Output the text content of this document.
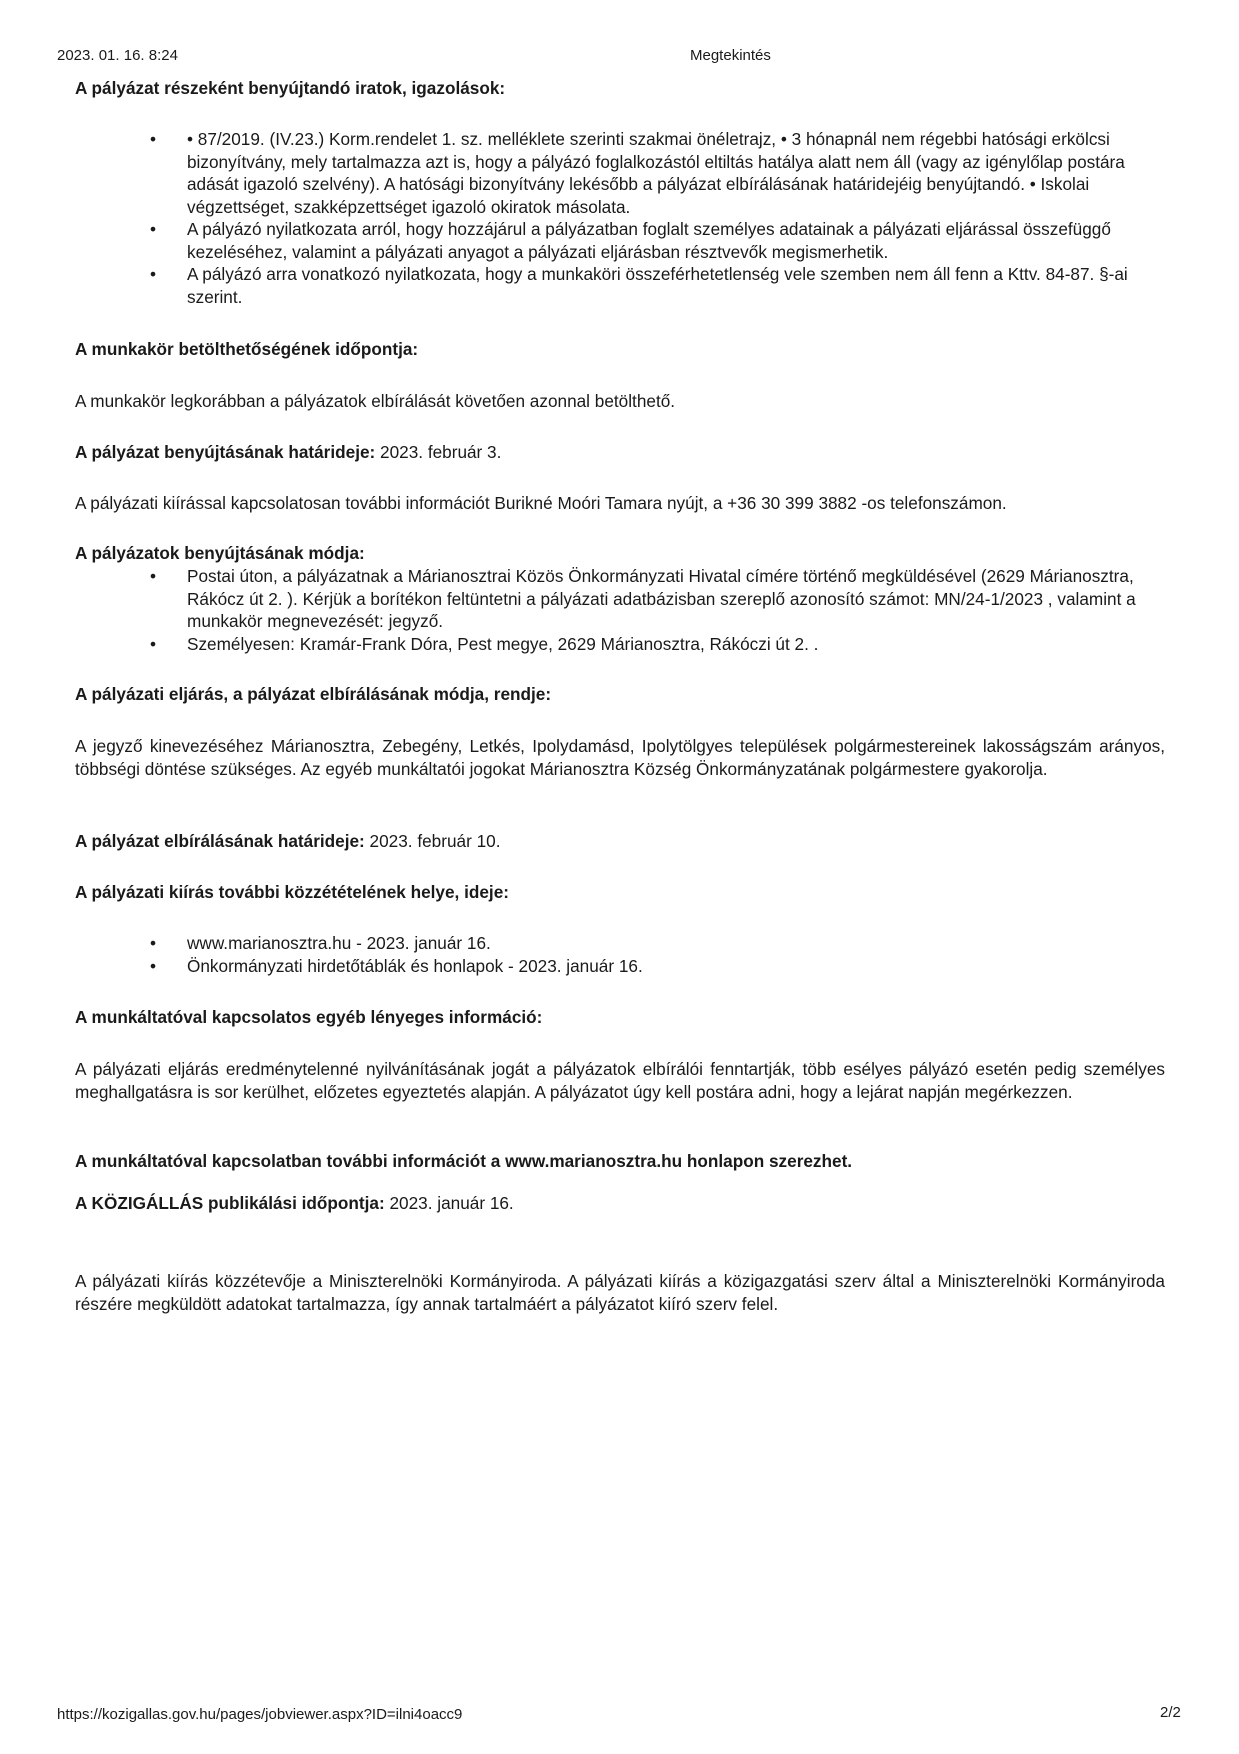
2023. 01. 16. 8:24	Megtekintés
A pályázat részeként benyújtandó iratok, igazolások:
•	• 87/2019. (IV.23.) Korm.rendelet 1. sz. melléklete szerinti szakmai önéletrajz, • 3 hónapnál nem régebbi hatósági erkölcsi bizonyítvány, mely tartalmazza azt is, hogy a pályázó foglalkozástól eltiltás hatálya alatt nem áll (vagy az igénylőlap postára adását igazoló szelvény). A hatósági bizonyítvány lekésőbb a pályázat elbírálásának határidejéig benyújtandó. • Iskolai végzettséget, szakképzettséget igazoló okiratok másolata.
•	A pályázó nyilatkozata arról, hogy hozzájárul a pályázatban foglalt személyes adatainak a pályázati eljárással összefüggő kezeléséhez, valamint a pályázati anyagot a pályázati eljárásban résztvevők megismerhetik.
•	A pályázó arra vonatkozó nyilatkozata, hogy a munkaköri összeférhetetlenség vele szemben nem áll fenn a Kttv. 84-87. §-ai szerint.
A munkakör betölthetőségének időpontja:
A munkakör legkorábban a pályázatok elbírálását követően azonnal betölthető.
A pályázat benyújtásának határideje: 2023. február 3.
A pályázati kiírással kapcsolatosan további információt Burikné Moóri Tamara nyújt, a +36 30 399 3882 -os telefonszámon.
A pályázatok benyújtásának módja:
•	Postai úton, a pályázatnak a Márianosztrai Közös Önkormányzati Hivatal címére történő megküldésével (2629 Márianosztra, Rákócz út 2. ). Kérjük a borítékon feltüntetni a pályázati adatbázisban szereplő azonosító számot: MN/24-1/2023 , valamint a munkakör megnevezését: jegyző.
•	Személyesen: Kramár-Frank Dóra, Pest megye, 2629 Márianosztra, Rákóczi út 2. .
A pályázati eljárás, a pályázat elbírálásának módja, rendje:
A jegyző kinevezéséhez Márianosztra, Zebegény, Letkés, Ipolydamásd, Ipolytölgyes települések polgármestereinek lakosságszám arányos, többségi döntése szükséges. Az egyéb munkáltatói jogokat Márianosztra Község Önkormányzatának polgármestere gyakorolja.
A pályázat elbírálásának határideje: 2023. február 10.
A pályázati kiírás további közzétételének helye, ideje:
•	www.marianosztra.hu - 2023. január 16.
•	Önkormányzati hirdetőtáblák és honlapok - 2023. január 16.
A munkáltatóval kapcsolatos egyéb lényeges információ:
A pályázati eljárás eredménytelenné nyilvánításának jogát a pályázatok elbírálói fenntartják, több esélyes pályázó esetén pedig személyes meghallgatásra is sor kerülhet, előzetes egyeztetés alapján. A pályázatot úgy kell postára adni, hogy a lejárat napján megérkezzen.
A munkáltatóval kapcsolatban további információt a www.marianosztra.hu honlapon szerezhet.
A KÖZIGÁLLÁS publikálási időpontja: 2023. január 16.
A pályázati kiírás közzétevője a Miniszterelnöki Kormányiroda. A pályázati kiírás a közigazgatási szerv által a Miniszterelnöki Kormányiroda részére megküldött adatokat tartalmazza, így annak tartalmáért a pályázatot kiíró szerv felel.
https://kozigallas.gov.hu/pages/jobviewer.aspx?ID=ilni4oacc9	2/2
